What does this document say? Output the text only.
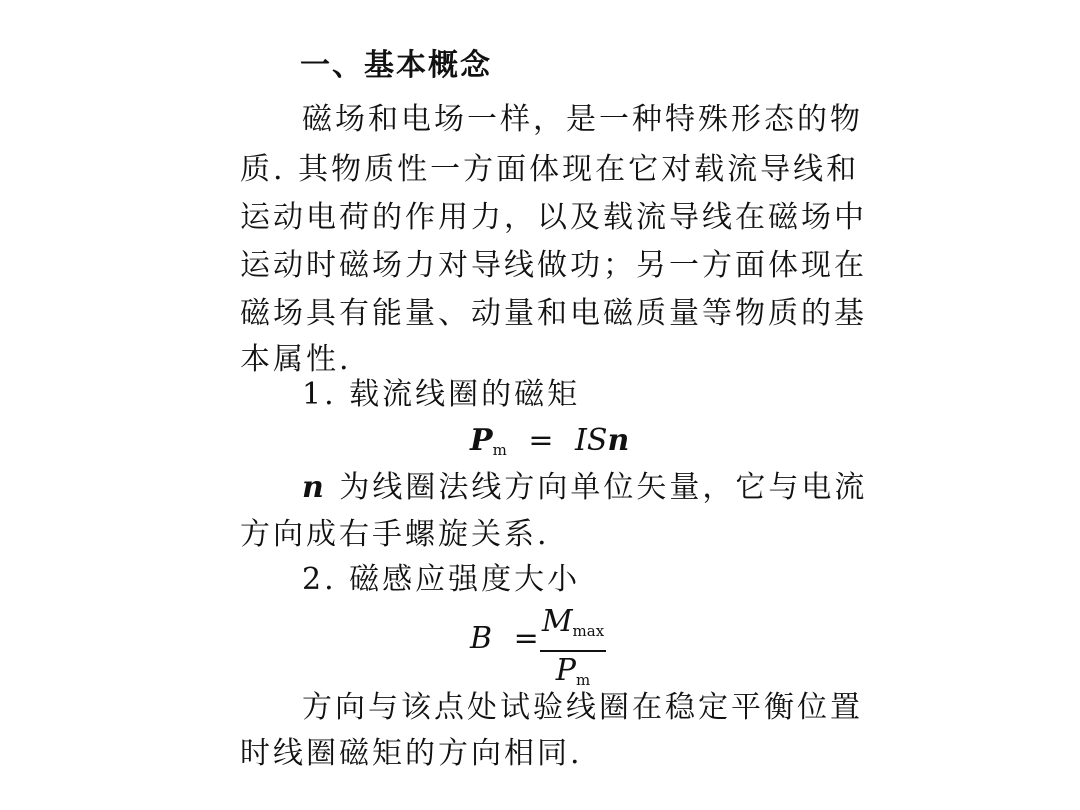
一、基本概念
磁场和电场一样，是一种特殊形态的物
质. 其物质性一方面体现在它对载流导线和
运动电荷的作用力，以及载流导线在磁场中
运动时磁场力对导线做功；另一方面体现在
磁场具有能量、动量和电磁质量等物质的基
本属性.
1. 载流线圈的磁矩
$P_m$ = ISn
n 为线圈法线方向单位矢量，它与电流
方向成右手螺旋关系.
2. 磁感应强度大小
$B = M_{max}$
$P_m$
方向与该点处试验线圈在稳定平衡位置
时线圈磁矩的方向相同.
